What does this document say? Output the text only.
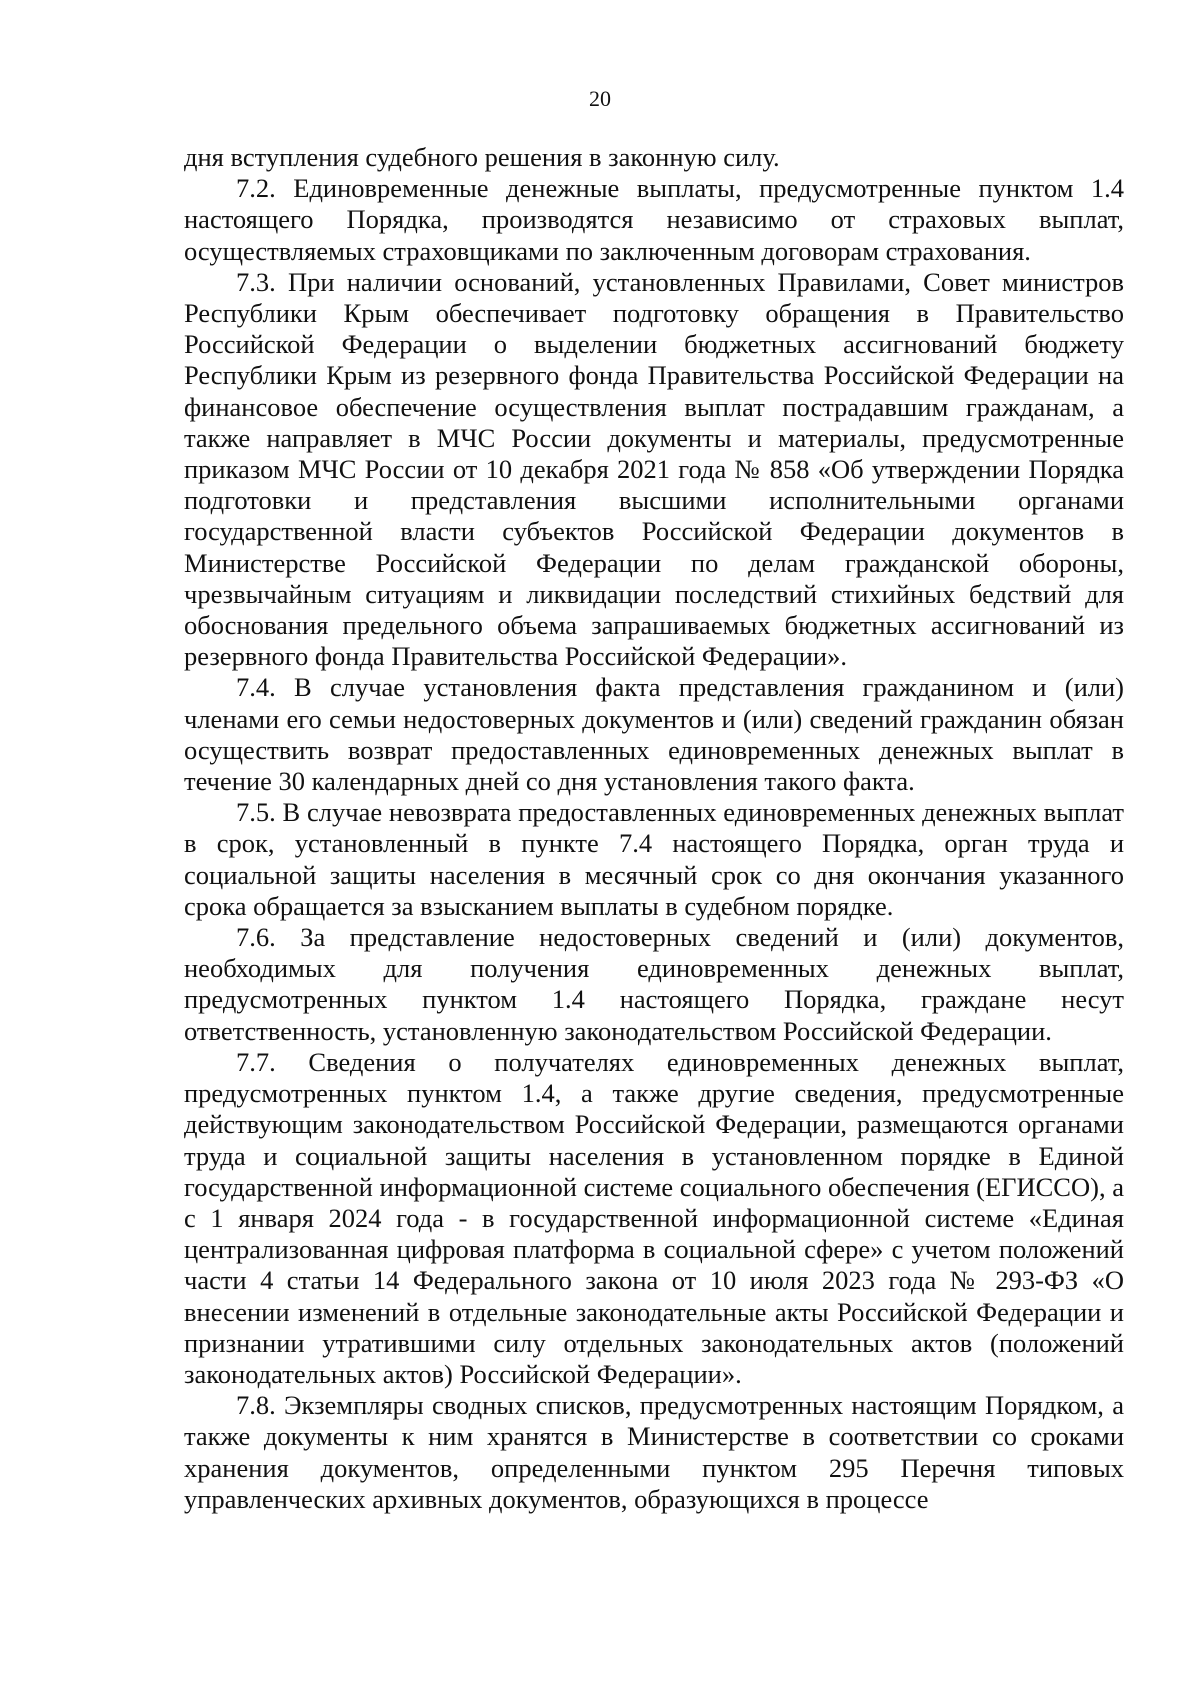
20

дня вступления судебного решения в законную силу.

7.2. Единовременные денежные выплаты, предусмотренные пунктом 1.4 настоящего Порядка, производятся независимо от страховых выплат, осуществляемых страховщиками по заключенным договорам страхования.

7.3. При наличии оснований, установленных Правилами, Совет министров Республики Крым обеспечивает подготовку обращения в Правительство Российской Федерации о выделении бюджетных ассигнований бюджету Республики Крым из резервного фонда Правительства Российской Федерации на финансовое обеспечение осуществления выплат пострадавшим гражданам, а также направляет в МЧС России документы и материалы, предусмотренные приказом МЧС России от 10 декабря 2021 года № 858 «Об утверждении Порядка подготовки и представления высшими исполнительными органами государственной власти субъектов Российской Федерации документов в Министерстве Российской Федерации по делам гражданской обороны, чрезвычайным ситуациям и ликвидации последствий стихийных бедствий для обоснования предельного объема запрашиваемых бюджетных ассигнований из резервного фонда Правительства Российской Федерации».

7.4. В случае установления факта представления гражданином и (или) членами его семьи недостоверных документов и (или) сведений гражданин обязан осуществить возврат предоставленных единовременных денежных выплат в течение 30 календарных дней со дня установления такого факта.

7.5. В случае невозврата предоставленных единовременных денежных выплат в срок, установленный в пункте 7.4 настоящего Порядка, орган труда и социальной защиты населения в месячный срок со дня окончания указанного срока обращается за взысканием выплаты в судебном порядке.

7.6. За представление недостоверных сведений и (или) документов, необходимых для получения единовременных денежных выплат, предусмотренных пунктом 1.4 настоящего Порядка, граждане несут ответственность, установленную законодательством Российской Федерации.

7.7. Сведения о получателях единовременных денежных выплат, предусмотренных пунктом 1.4, а также другие сведения, предусмотренные действующим законодательством Российской Федерации, размещаются органами труда и социальной защиты населения в установленном порядке в Единой государственной информационной системе социального обеспечения (ЕГИССО), а с 1 января 2024 года - в государственной информационной системе «Единая централизованная цифровая платформа в социальной сфере» с учетом положений части 4 статьи 14 Федерального закона от 10 июля 2023 года № 293-ФЗ «О внесении изменений в отдельные законодательные акты Российской Федерации и признании утратившими силу отдельных законодательных актов (положений законодательных актов) Российской Федерации».

7.8. Экземпляры сводных списков, предусмотренных настоящим Порядком, а также документы к ним хранятся в Министерстве в соответствии со сроками хранения документов, определенными пунктом 295 Перечня типовых управленческих архивных документов, образующихся в процессе
